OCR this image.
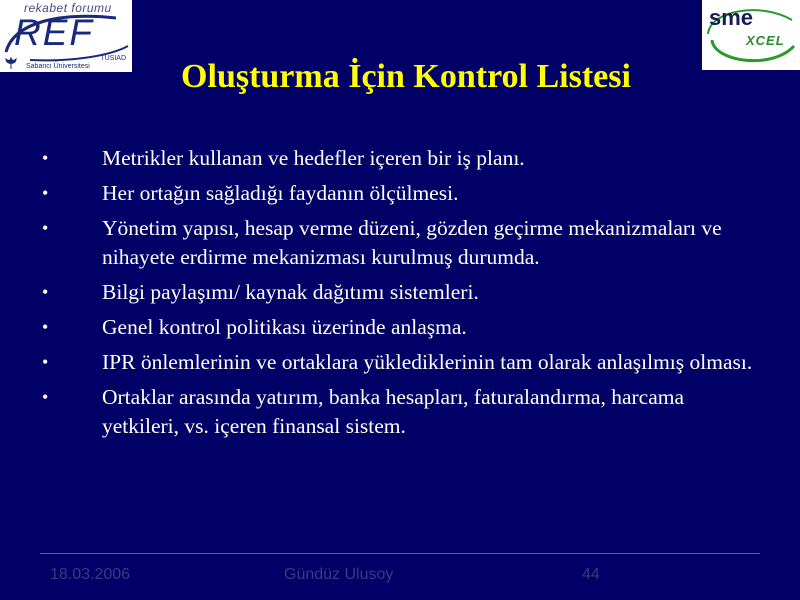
rekabet forumu
REF
TUSIAD
Sabancı Üniversitesi
sme
XCEL
Oluşturma İçin Kontrol Listesi
• Metrikler kullanan ve hedefler içeren bir iş planı.
• Her ortağın sağladığı faydanın ölçülmesi.
• Yönetim yapısı, hesap verme düzeni, gözden geçirme mekanizmaları ve nihayete erdirme mekanizması kurulmuş durumda.
• Bilgi paylaşımı/ kaynak dağıtımı sistemleri.
• Genel kontrol politikası üzerinde anlaşma.
• IPR önlemlerinin ve ortaklara yüklediklerinin tam olarak anlaşılmış olması.
• Ortaklar arasında yatırım, banka hesapları, faturalandırma, harcama yetkileri, vs. içeren finansal sistem.
18.03.2006	Gündüz Ulusoy	44
